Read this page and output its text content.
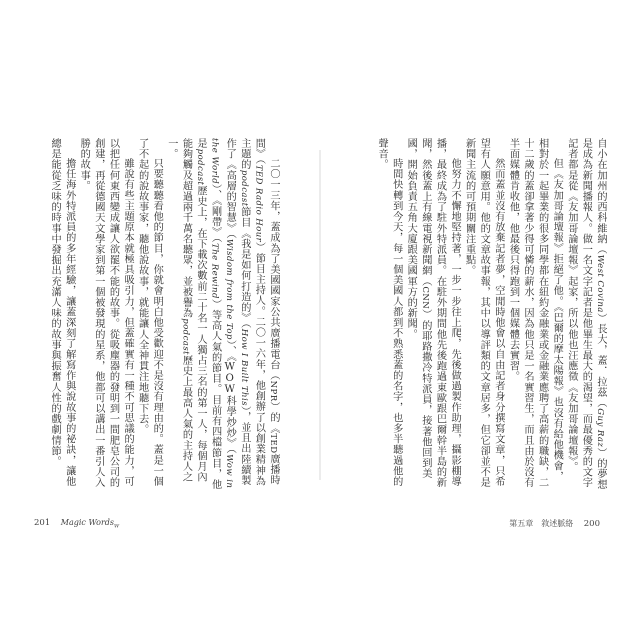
二〇一三年，蓋成為了美國國家公共廣播電台（NPR）的《TED廣播時間》（TED Radio Hour）節目主持人。二〇一六年，他創辦了以創業精神為主題的podcast節目《我是如何打造的》（How I Built This），並且出陸續製作了《高層的智慧》（Wisdom from the Top）、《WOW科學炒炒》（Wow in the World）、《剛帶》（The Rewind）等高人氣的節目。目前有四檔節目，他是podcast歷史上，在下載次數前二十名一人獨占三名的第一人，每個月內能夠觸及超過兩千萬名聽眾，並被譽為podcast歷史上最高人氣的主持人之一。

只要聽聽看他的節目，你就會明白他受歡迎不是沒有理由的。蓋是一個了不起的說故事家，聽他說故事，就能讓人全神貫注地聽下去。

雖說有些主題原本就極具吸引力，但蓋確實有一種不可思議的能力，可以把任何東西變成讓人欲罷不能的故事。從吸塵器的發明到一間肥皂公司的創建，再從德國天文學家到第一個被發現的星系，他都可以講出一番引人入勝的故事。

擔任海外特派員的多年經驗，讓蓋深刻了解寫作與說故事的祕訣，讓他總是能從乏味的時事中發掘出充滿人味的故事與振奮人性的戲劇情節。

201 Magic Words$_W$

自小在加州的西科維納（West Covina）長大，蓋．拉茲（Guy Raz）的夢想是成為新聞播報人。做一名文字記者是他畢生最大的渴望，而最優秀的文字記者都是從《友加哥論壇報》起家，所以他也汪應徵《友加哥論壇報》。

但《友加哥論壇報》拒絕了他。《巴爾的摩太陽報》也沒有給他機會，相對於一起畢業的很多同學都在紐約金融業或金融業應聘了高薪的職缺，二十二歲的蓋卻拿著少得可憐的薪水，因為他只是一名實習生，而且由於沒有半面媒體肯收他，他最後只得跑到一個媒體去實習。

然而蓋並沒有放棄記者夢，空閒時他會以自由記者身分撰寫文章，只希望有人願意用。他的文章故事報，其中以導評類的文章居多，但它卻並不是新聞主流的可預期關注重點。

他努力不懈地堅持著，一步一步往上爬，先後做過製作助理，攝影棚導播，最終成為了駐外特派員。在駐外期間他先後跑過東歐跟巴爾幹半島的新聞，然後蓋上有線電視新聞網（CNN）的耶路撒冷特派員，接著他回到美國，開始負責五角大廈跟美國軍方的新聞。

時間快轉到今天，每一個美國人都到不熟悉蓋的名字，也多半聽過他的聲音。

第五章　敘述脈絡 200
